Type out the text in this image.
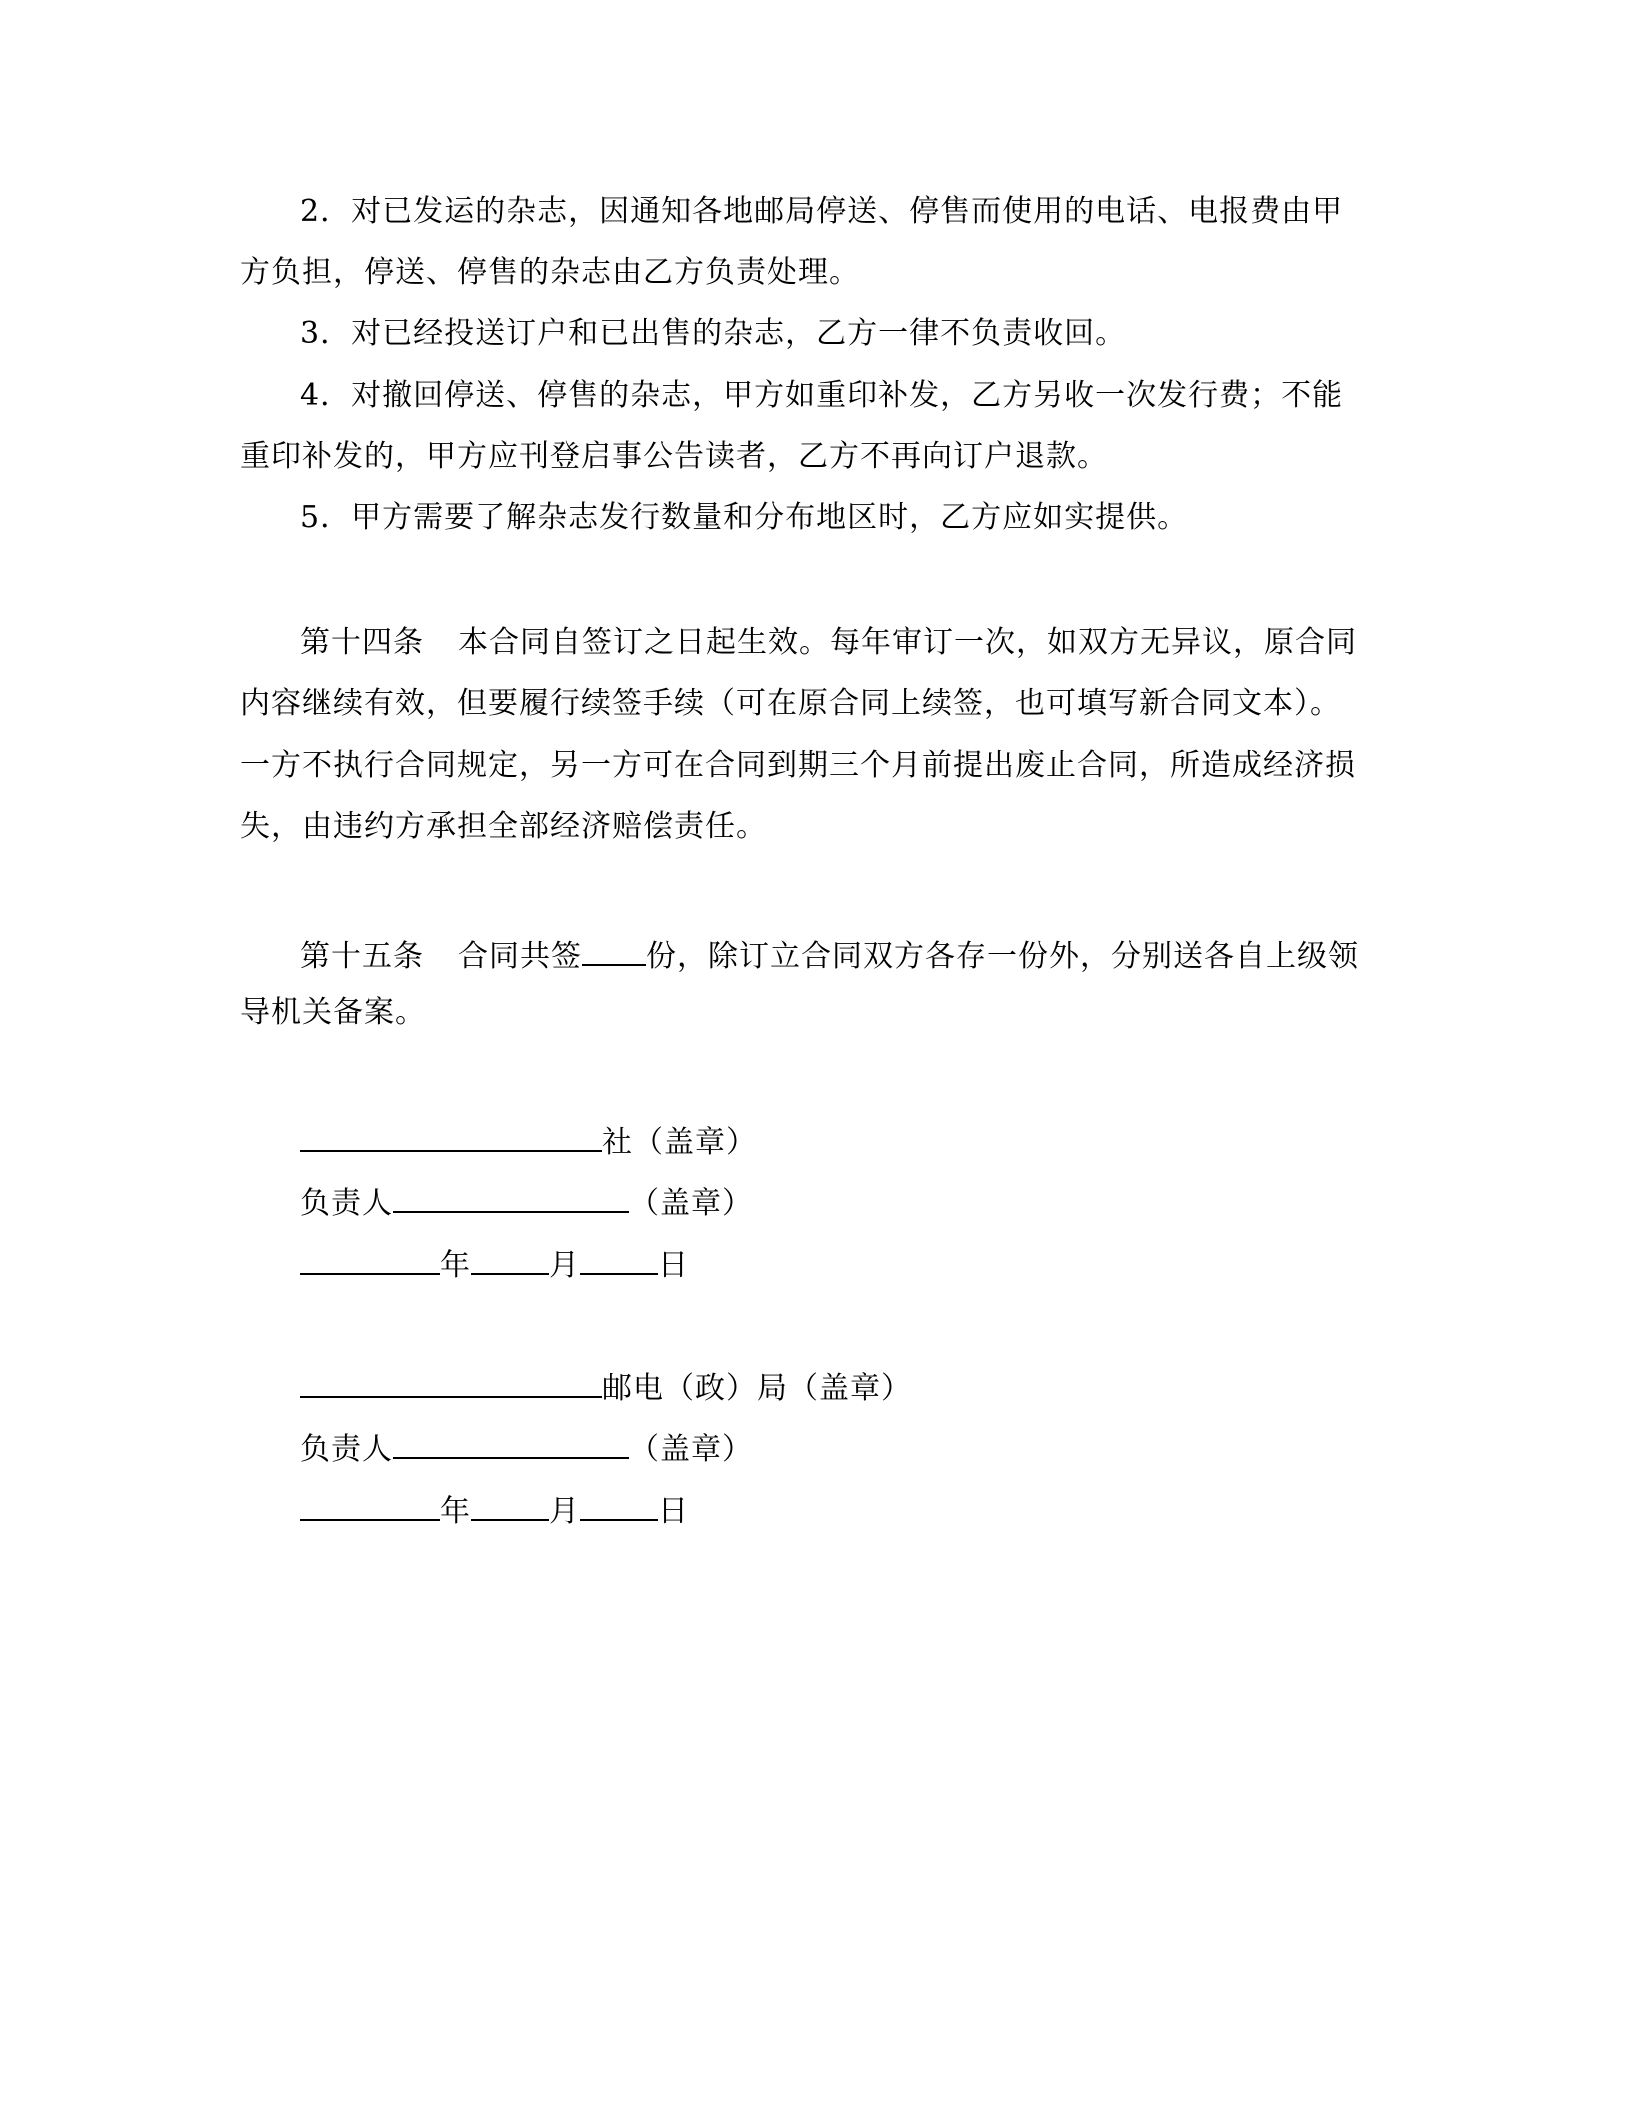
2．对已发运的杂志，因通知各地邮局停送、停售而使用的电话、电报费由甲
方负担，停送、停售的杂志由乙方负责处理。
3．对已经投送订户和已出售的杂志，乙方一律不负责收回。
4．对撤回停送、停售的杂志，甲方如重印补发，乙方另收一次发行费；不能
重印补发的，甲方应刊登启事公告读者，乙方不再向订户退款。
5．甲方需要了解杂志发行数量和分布地区时，乙方应如实提供。
第十四条 本合同自签订之日起生效。每年审订一次，如双方无异议，原合同
内容继续有效，但要履行续签手续（可在原合同上续签，也可填写新合同文本）。
一方不执行合同规定，另一方可在合同到期三个月前提出废止合同，所造成经济损
失，由违约方承担全部经济赔偿责任。
第十五条 合同共签 份，除订立合同双方各存一份外，分别送各自上级领
导机关备案。
社（盖章）
负责人	（盖章）
年	月	日
邮电（政）局（盖章）
负责人	（盖章）
年	月	日
